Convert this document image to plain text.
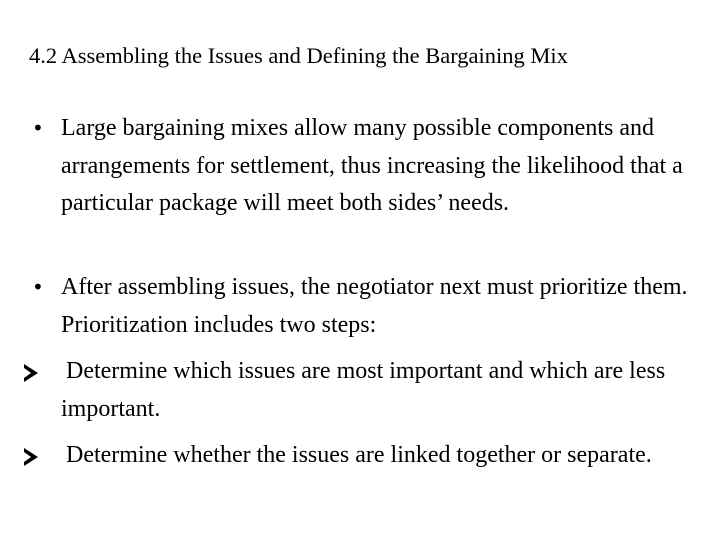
4.2 Assembling the Issues and Defining the Bargaining Mix
• Large bargaining mixes allow many possible components and arrangements for settlement, thus increasing the likelihood that a particular package will meet both sides’ needs.
• After assembling issues, the negotiator next must prioritize them. Prioritization includes two steps:
Determine which issues are most important and which are less important.
Determine whether the issues are linked together or separate.
